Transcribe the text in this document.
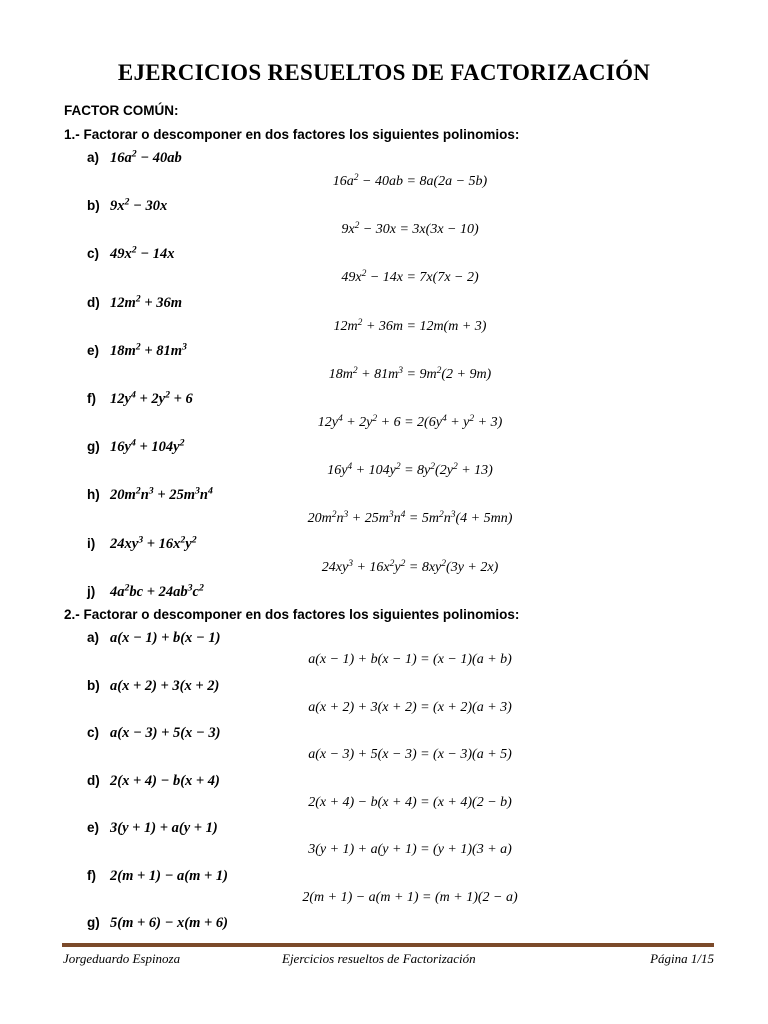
EJERCICIOS RESUELTOS DE FACTORIZACIÓN
FACTOR COMÚN:
1.- Factorar o descomponer en dos factores los siguientes polinomios:
a) $16a^2 - 40ab$
$16a^2 - 40ab = 8a(2a - 5b)$
b) $9x^2 - 30x$
$9x^2 - 30x = 3x(3x - 10)$
c) $49x^2 - 14x$
$49x^2 - 14x = 7x(7x - 2)$
d) $12m^2 + 36m$
$12m^2 + 36m = 12m(m + 3)$
e) $18m^2 + 81m^3$
$18m^2 + 81m^3 = 9m^2(2 + 9m)$
f) $12y^4 + 2y^2 + 6$
$12y^4 + 2y^2 + 6 = 2(6y^4 + y^2 + 3)$
g) $16y^4 + 104y^2$
$16y^4 + 104y^2 = 8y^2(2y^2 + 13)$
h) $20m^2n^3 + 25m^3n^4$
$20m^2n^3 + 25m^3n^4 = 5m^2n^3(4 + 5mn)$
i) $24xy^3 + 16x^2y^2$
$24xy^3 + 16x^2y^2 = 8xy^2(3y + 2x)$
j) $4a^2bc + 24ab^3c^2$
2.- Factorar o descomponer en dos factores los siguientes polinomios:
a) a(x − 1) + b(x − 1)
a(x − 1) + b(x − 1) = (x − 1)(a + b)
b) a(x + 2) + 3(x + 2)
a(x + 2) + 3(x + 2) = (x + 2)(a + 3)
c) a(x − 3) + 5(x − 3)
a(x − 3) + 5(x − 3) = (x − 3)(a + 5)
d) 2(x + 4) − b(x + 4)
2(x + 4) − b(x + 4) = (x + 4)(2 − b)
e) 3(y + 1) + a(y + 1)
3(y + 1) + a(y + 1) = (y + 1)(3 + a)
f) 2(m + 1) − a(m + 1)
2(m + 1) − a(m + 1) = (m + 1)(2 − a)
g) 5(m + 6) − x(m + 6)
Jorgeduardo Espinoza	Ejercicios resueltos de Factorización	Página 1/15
